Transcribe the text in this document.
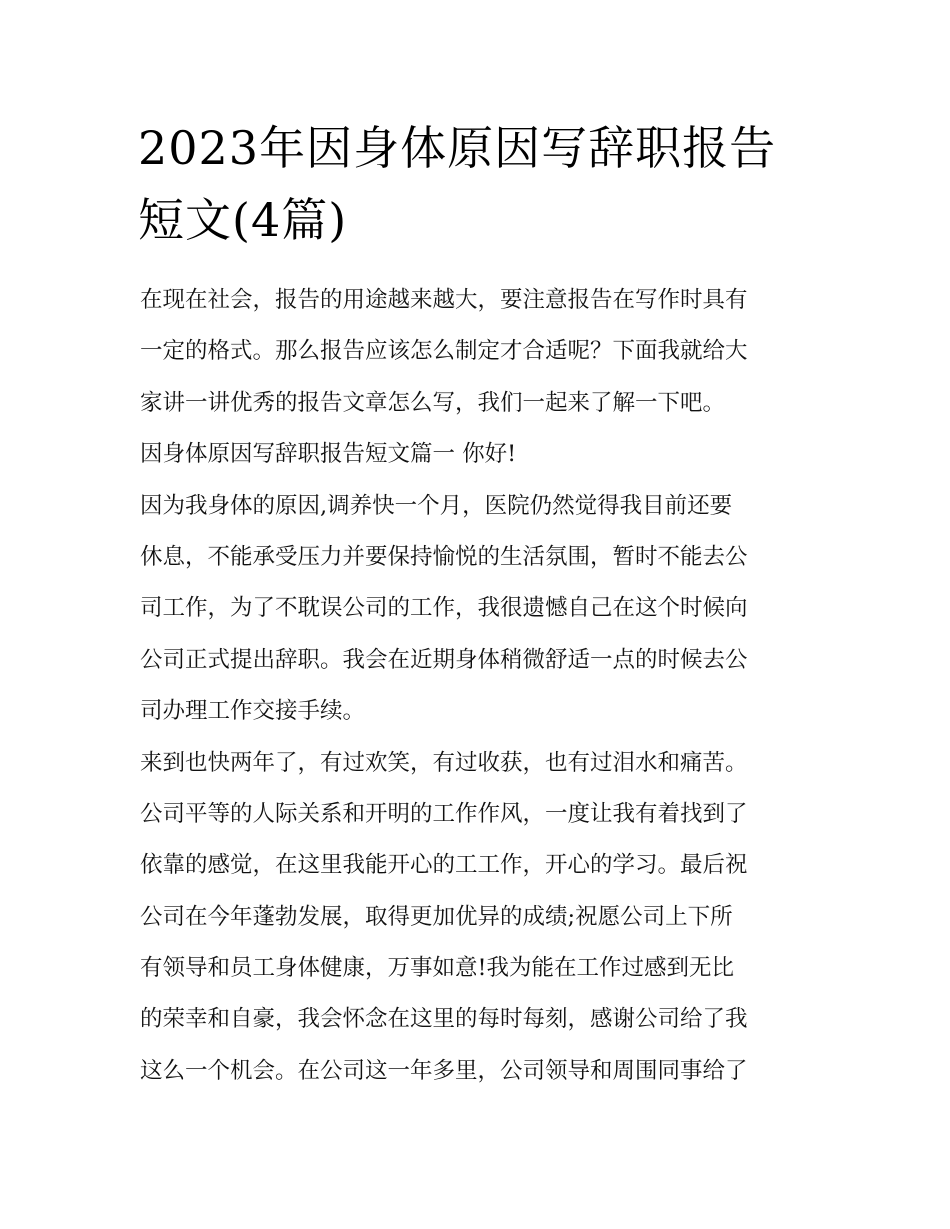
2023年因身体原因写辞职报告
短文(4篇)
在现在社会，报告的用途越来越大，要注意报告在写作时具有
一定的格式。那么报告应该怎么制定才合适呢？下面我就给大
家讲一讲优秀的报告文章怎么写，我们一起来了解一下吧。
因身体原因写辞职报告短文篇一 你好!
因为我身体的原因,调养快一个月，医院仍然觉得我目前还要
休息，不能承受压力并要保持愉悦的生活氛围，暂时不能去公
司工作，为了不耽误公司的工作，我很遗憾自己在这个时候向
公司正式提出辞职。我会在近期身体稍微舒适一点的时候去公
司办理工作交接手续。
来到也快两年了，有过欢笑，有过收获，也有过泪水和痛苦。
公司平等的人际关系和开明的工作作风，一度让我有着找到了
依靠的感觉，在这里我能开心的工工作，开心的学习。最后祝
公司在今年蓬勃发展，取得更加优异的成绩;祝愿公司上下所
有领导和员工身体健康，万事如意!我为能在工作过感到无比
的荣幸和自豪，我会怀念在这里的每时每刻，感谢公司给了我
这么一个机会。在公司这一年多里，公司领导和周围同事给了
